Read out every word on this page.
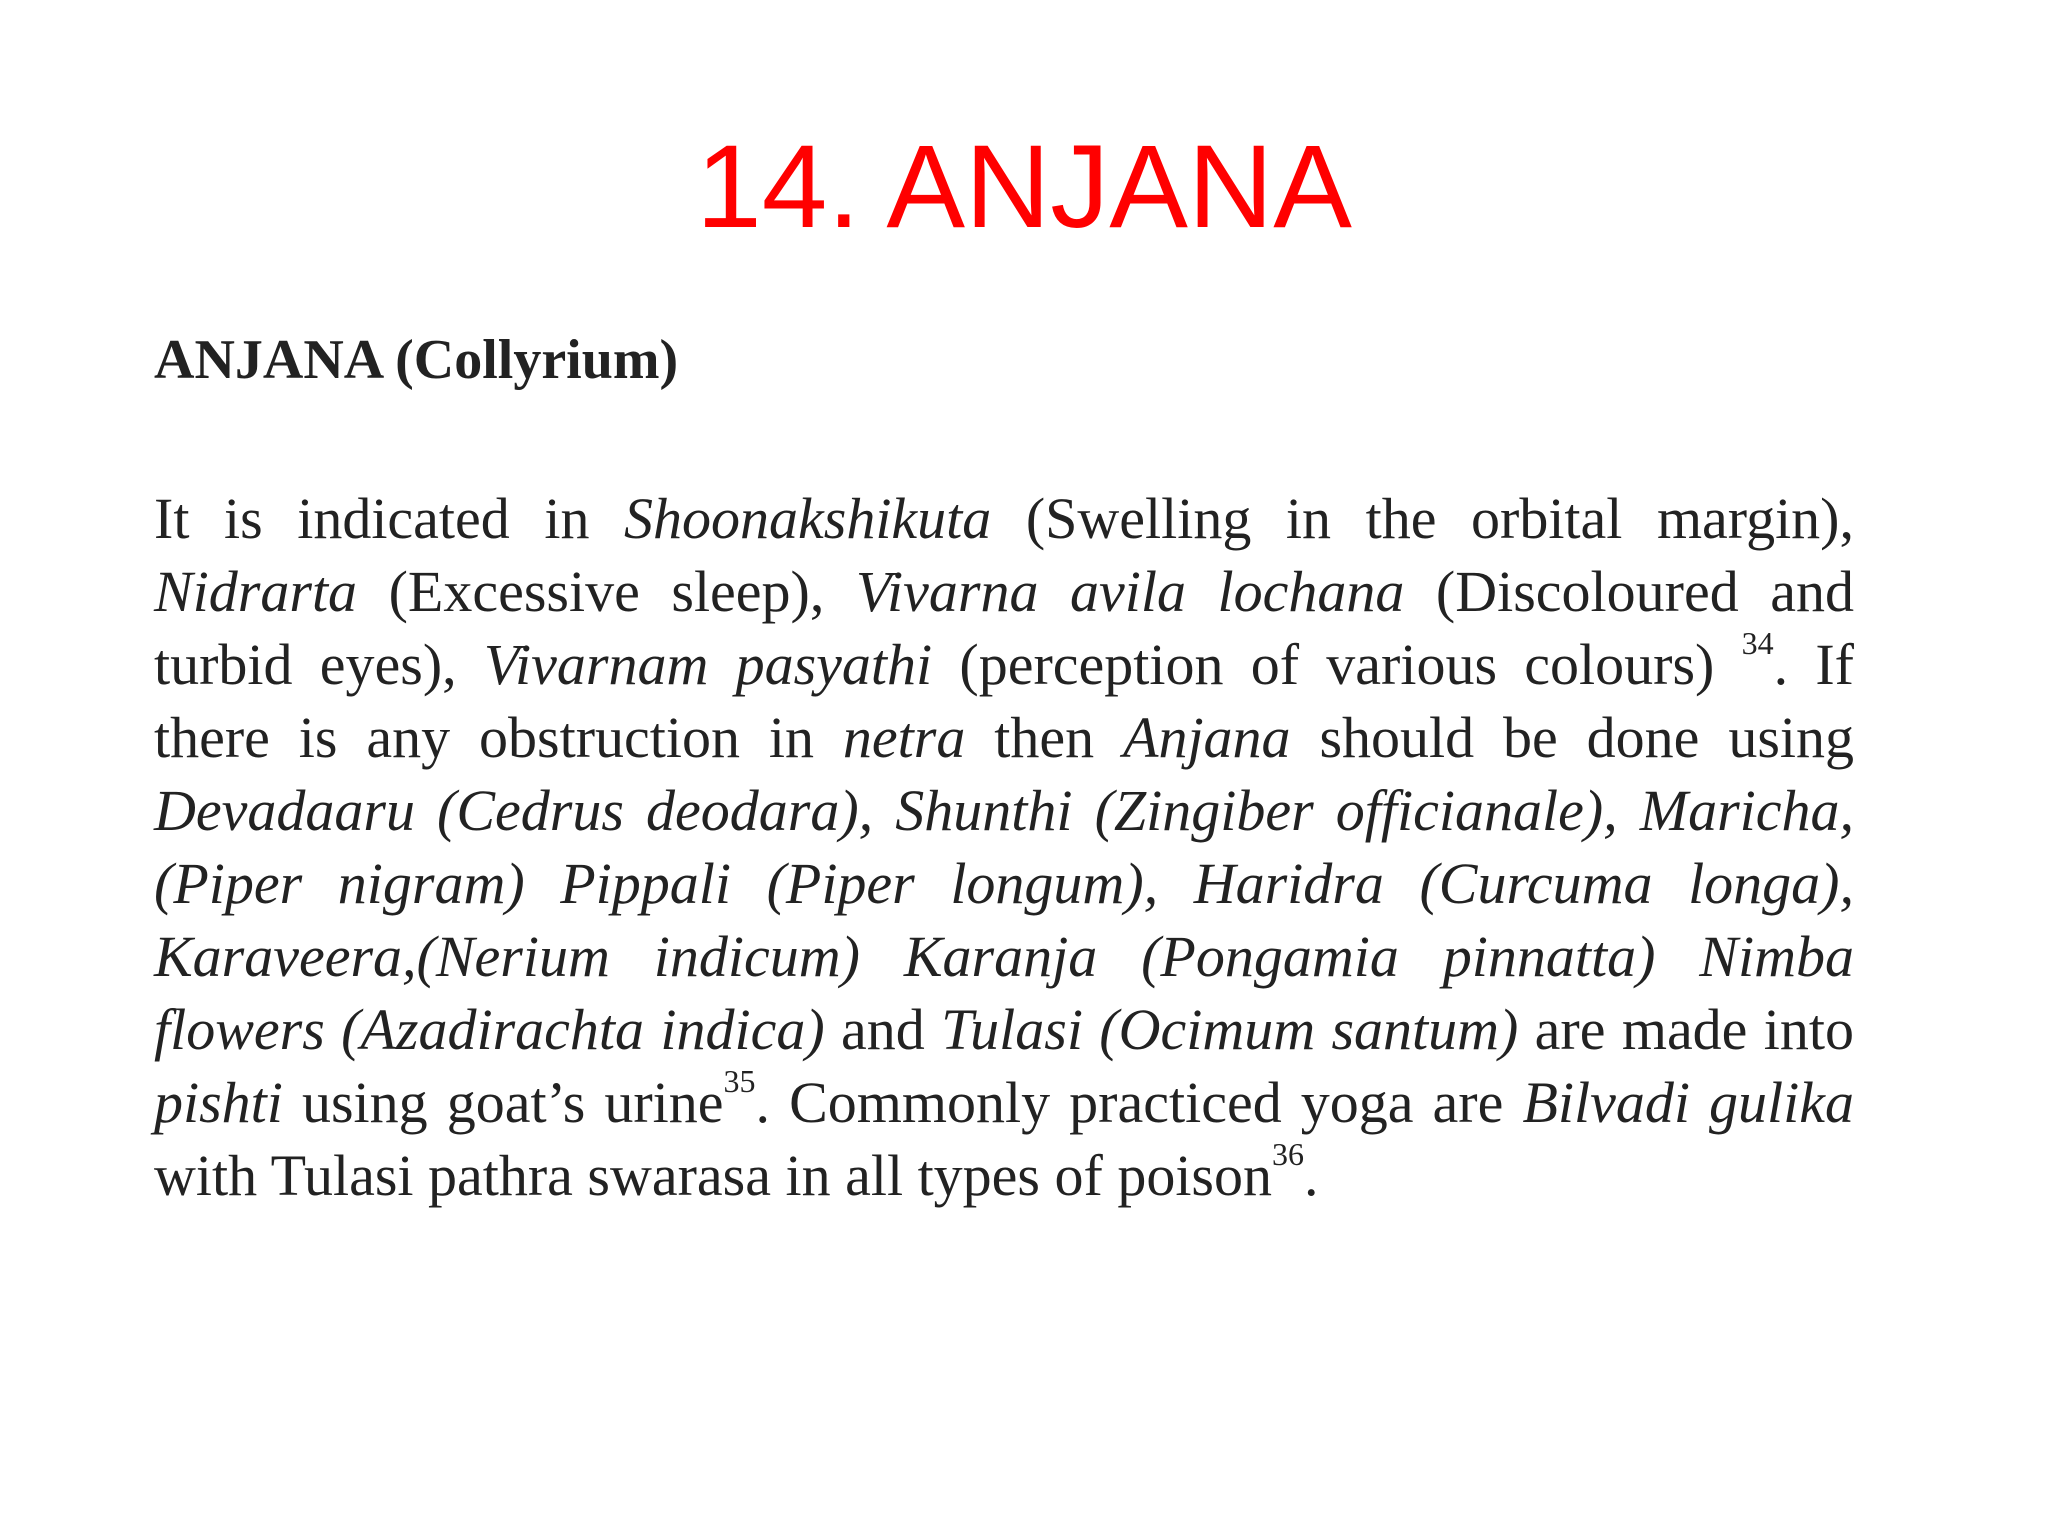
14. ANJANA
ANJANA (Collyrium)

It is indicated in Shoonakshikuta (Swelling in the orbital margin), Nidrarta (Excessive sleep), Vivarna avila lochana (Discoloured and turbid eyes), Vivarnam pasyathi (perception of various colours) $^{34}$. If there is any obstruction in netra then Anjana should be done using Devadaaru (Cedrus deodara), Shunthi (Zingiber officianale), Maricha,(Piper nigram) Pippali (Piper longum), Haridra (Curcuma longa), Karaveera,(Nerium indicum) Karanja (Pongamia pinnatta) Nimba flowers (Azadirachta indica) and Tulasi (Ocimum santum) are made into pishti using goat’s urine$^{35}$. Commonly practiced yoga are Bilvadi gulika with Tulasi pathra swarasa in all types of poison$^{36}$.
